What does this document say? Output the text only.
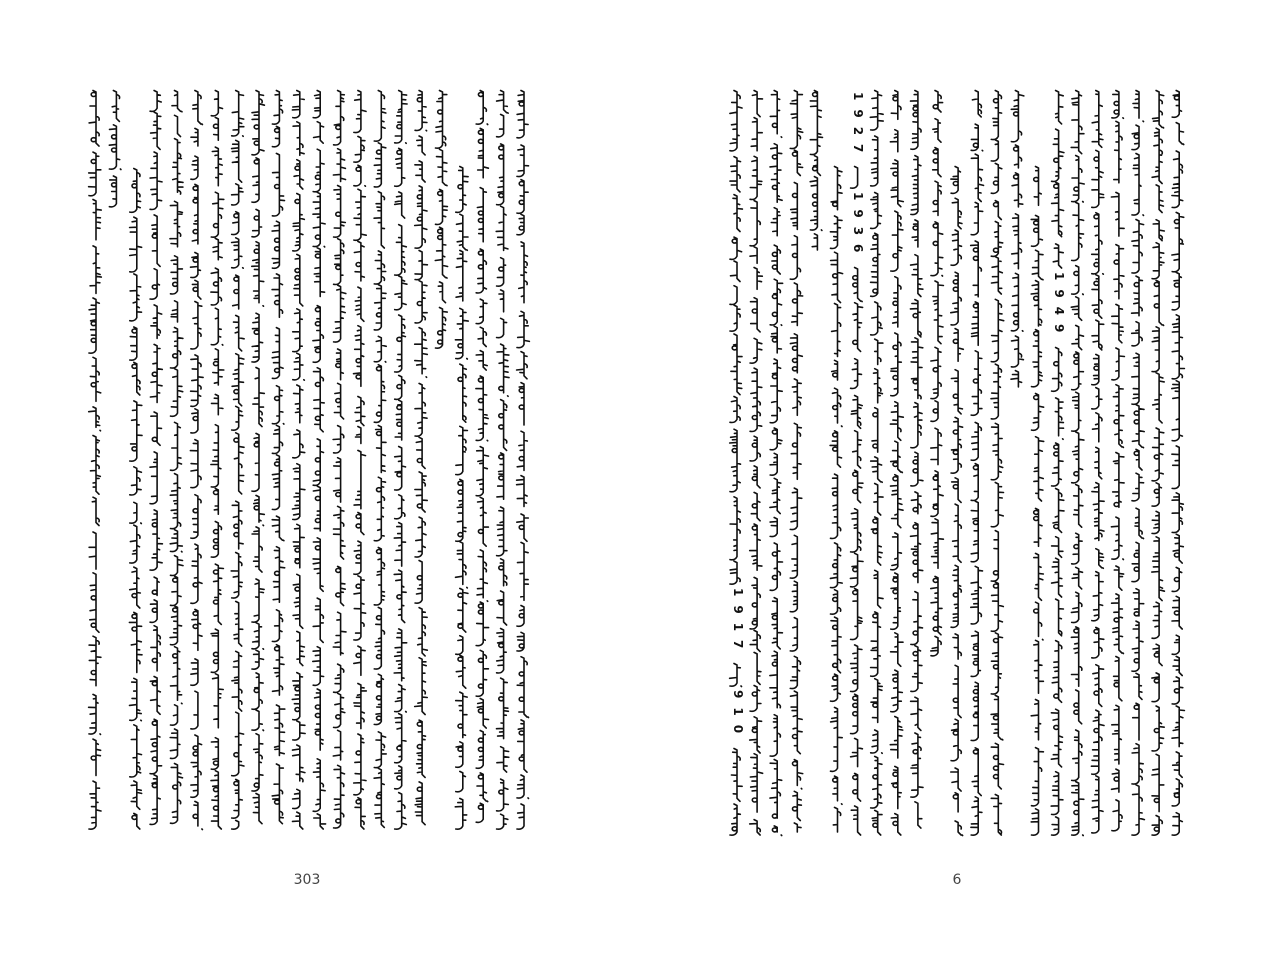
1927
1936
1949
1917
910
303	6
